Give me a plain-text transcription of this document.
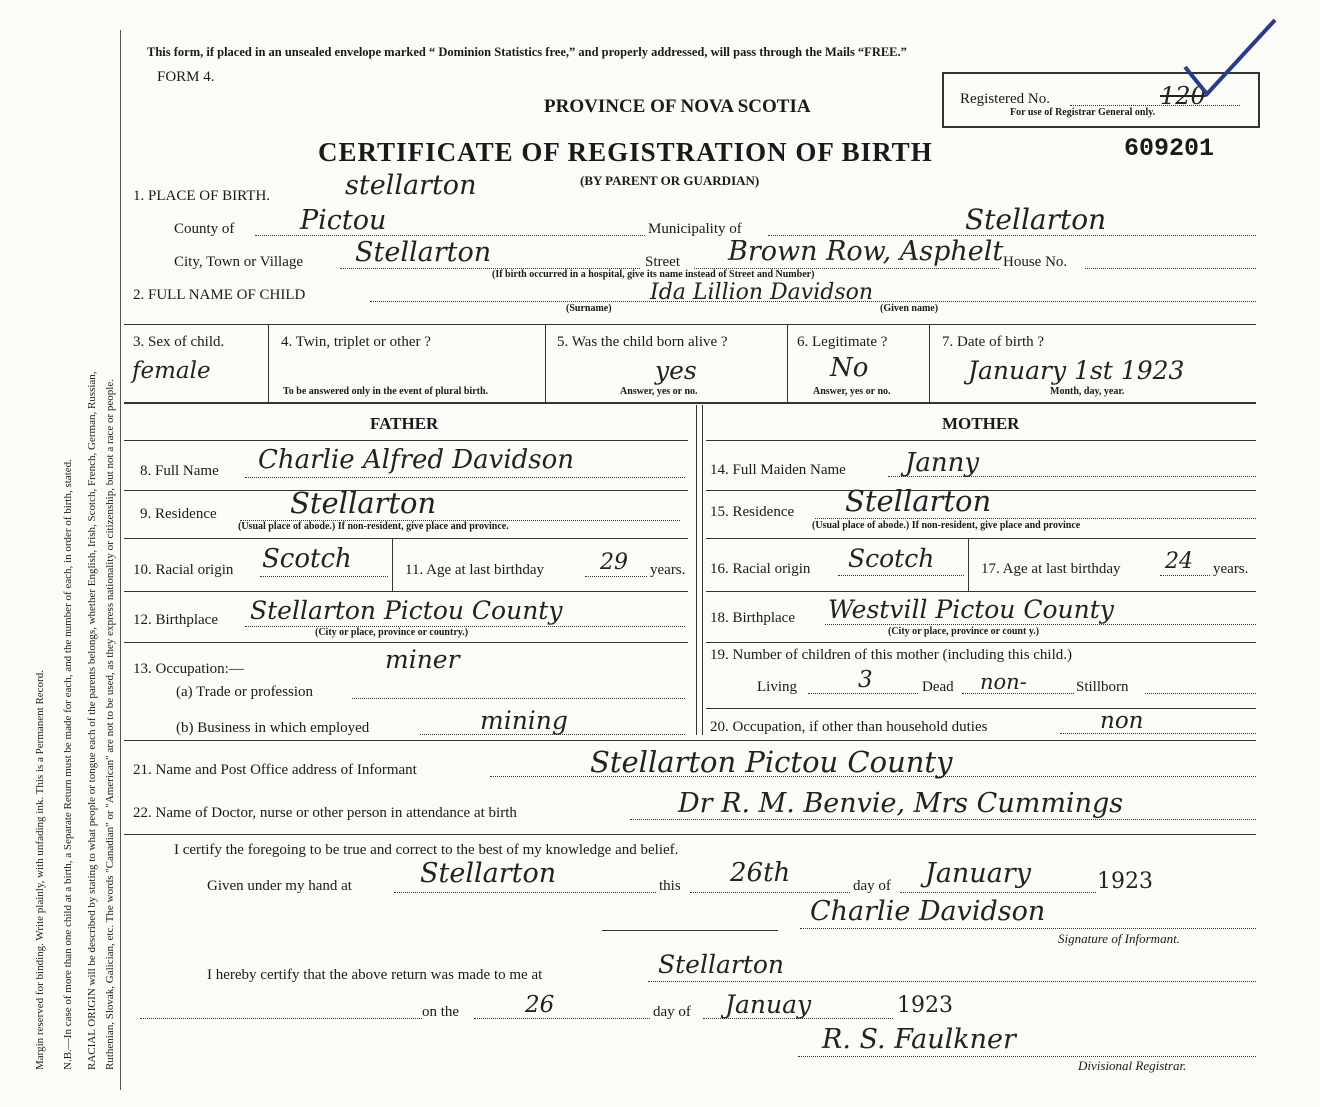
Margin reserved for binding. Write plainly, with unfading ink. This is a Permanent Record. N.B.—In case of more than one child at a birth, a Separate Return must be made for each, and the number of each, in order of birth, stated. RACIAL ORIGIN will be described by stating to what people or tongue each of the parents belongs, whether English, Irish, Scotch, French, German, Russian, Ruthenian, Slovak, Galician, etc. The words "Canadian" or "American" are not to be used, as they express nationality or citizenship, but not a race or people.
This form, if placed in an unsealed envelope marked “ Dominion Statistics free,” and properly addressed, will pass through the Mails “FREE.”
FORM 4.
PROVINCE OF NOVA SCOTIA
CERTIFICATE OF REGISTRATION OF BIRTH
(BY PARENT OR GUARDIAN)
609201
Registered No.	120
For use of Registrar General only.
1. PLACE OF BIRTH.	stellarton
County of Pictou	Municipality of	Stellarton
City, Town or Village Stellarton	Street Brown Row, Asphelt House No.
(If birth occurred in a hospital, give its name instead of Street and Number)
2. FULL NAME OF CHILD	Ida Lillion Davidson
(Surname)	(Given name)
3. Sex of child.
female
4. Twin, triplet or other ?
To be answered only in the event of plural birth.
5. Was the child born alive ?
yes
Answer, yes or no.
6. Legitimate ?
No
Answer, yes or no.
7. Date of birth ?
January 1st 1923
Month, day, year.
FATHER	MOTHER
8. Full Name Charlie Alfred Davidson
9. Residence	Stellarton
(Usual place of abode.) If non-resident, give place and province.
10. Racial origin Scotch	11. Age at last birthday	29 years.
12. Birthplace Stellarton Pictou County
(City or place, province or country.)
13. Occupation:—
(a) Trade or profession
miner
(b) Business in which employed	mining
14. Full Maiden Name Janny
15. Residence Stellarton
(Usual place of abode.) If non-resident, give place and province
16. Racial origin Scotch	17. Age at last birthday 24 years.
18. Birthplace Westvill Pictou County
(City or place, province or count y.)
19. Number of children of this mother (including this child.)
Living	3	Dead non-	Stillborn
20. Occupation, if other than household duties	non
21. Name and Post Office address of Informant	Stellarton Pictou County
22. Name of Doctor, nurse or other person in attendance at birth	Dr R. M. Benvie, Mrs Cummings
I certify the foregoing to be true and correct to the best of my knowledge and belief.
Given under my hand at	Stellarton	this 26th	day of January	1923
Charlie Davidson
Signature of Informant.
I hereby certify that the above return was made to me at	Stellarton
on the	26	day of Januay	1923
R. S. Faulkner
Divisional Registrar.
